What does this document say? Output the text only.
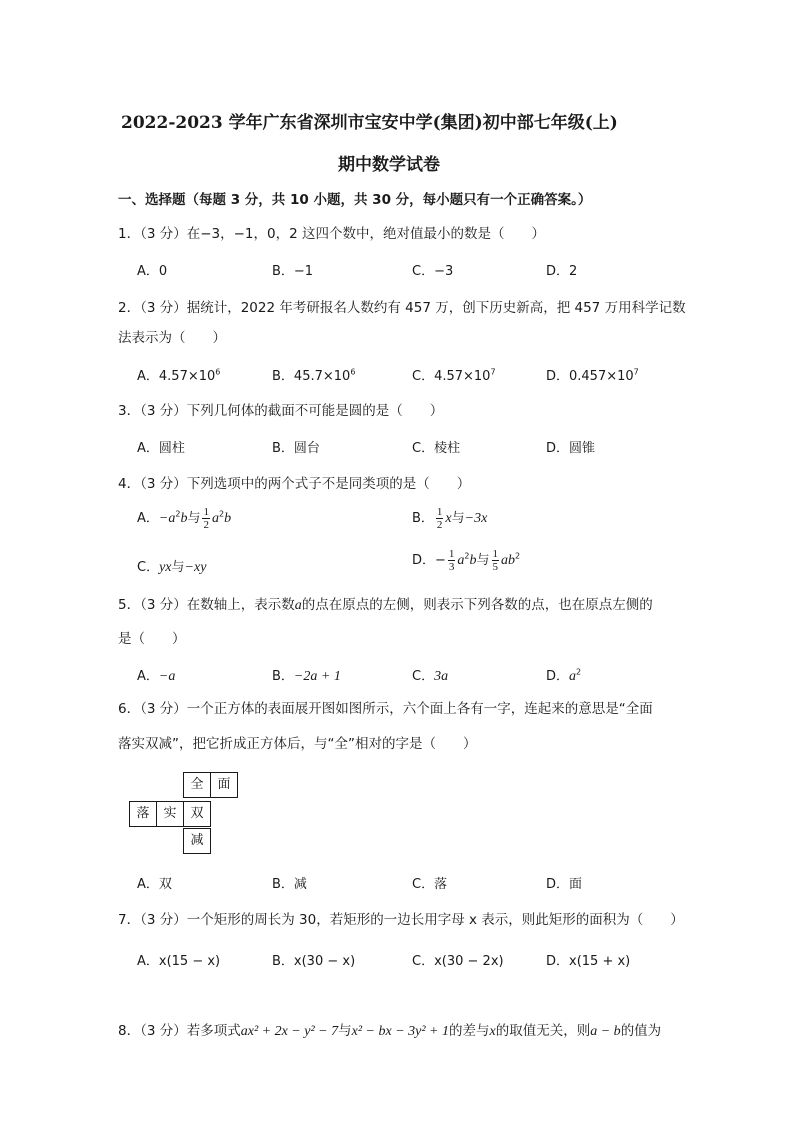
2022-2023 学年广东省深圳市宝安中学(集团)初中部七年级(上)
期中数学试卷
一、选择题（每题 3 分，共 10 小题，共 30 分，每小题只有一个正确答案。）
1．（3 分）在−3，−1，0，2 这四个数中，绝对值最小的数是（　　）
A．0	B．−1	C．−3	D．2
2．（3 分）据统计，2022 年考研报名人数约有 457 万，创下历史新高，把 457 万用科学记数
法表示为（　　）
A．$4.57\times 10^6$	B．$45.7\times 10^6$	C．$4.57\times 10^7$	D．$0.457\times 10^7$
3．（3 分）下列几何体的截面不可能是圆的是（　　）
A．圆柱	B．圆台	C．棱柱	D．圆锥
4．（3 分）下列选项中的两个式子不是同类项的是（　　）
A．$-a^2b$与 $\frac{1}{2} a^2b$	B． $\frac{1}{2}$ x与−3x
C．yx与−xy	D．− $\frac{1}{3} a^2b$与 $\frac{1}{5} ab^2$
5．（3 分）在数轴上，表示数a的点在原点的左侧，则表示下列各数的点，也在原点左侧的
是（　　）
A．−a	B．−2a + 1	C．3a	D．$a^2$
6．（3 分）一个正方体的表面展开图如图所示，六个面上各有一字，连起来的意思是“全面
落实双减”，把它折成正方体后，与“全”相对的字是（　　）
全	面
落	实	双
减
A．双	B．减	C．落	D．面
7．（3 分）一个矩形的周长为 30，若矩形的一边长用字母 x 表示，则此矩形的面积为（　　）
A．x(15 − x)	B．x(30 − x)	C．x(30 − 2x)	D．x(15 + x)
8．（3 分）若多项式ax² + 2x − y² − 7与x² − bx − 3y² + 1的差与x的取值无关，则a − b的值为
